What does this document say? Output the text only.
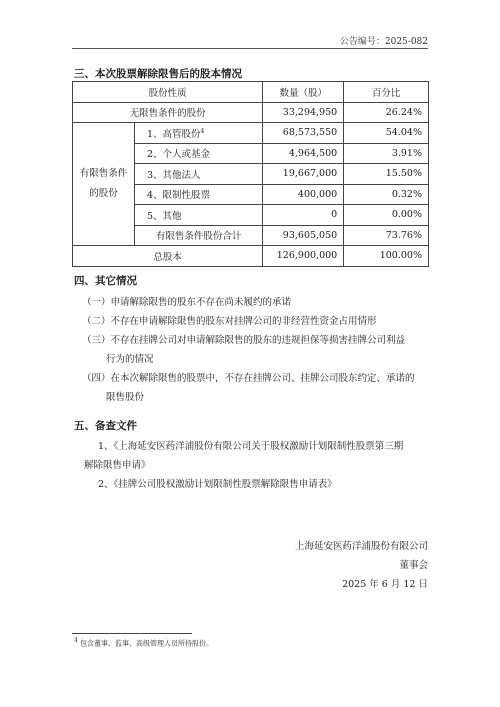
公告编号：2025-082
三、本次股票解除限售后的股本情况
股份性质		数量（股）	百分比
无限售条件的股份		33,294,950	26.24%
有限售条件的股份	1、高管股份$^4$	68,573,550	54.04%
	2、个人或基金	4,964,500	3.91%
	3、其他法人	19,667,000	15.50%
	4、限制性股票	400,000	0.32%
	5、其他	0	0.00%
	有限售条件股份合计	93,605,050	73.76%
总股本		126,900,000	100.00%
四、其它情况
（一）申请解除限售的股东不存在尚未履约的承诺
（二）不存在申请解除限售的股东对挂牌公司的非经营性资金占用情形
（三）不存在挂牌公司对申请解除限售的股东的违规担保等损害挂牌公司利益
行为的情况
（四）在本次解除限售的股票中，不存在挂牌公司、挂牌公司股东约定、承诺的
限售股份
五、备查文件
1、《上海延安医药洋浦股份有限公司关于股权激励计划限制性股票第三期
解除限售申请》
2、《挂牌公司股权激励计划限制性股票解除限售申请表》
上海延安医药洋浦股份有限公司
董事会
2025 年 6 月 12 日
$^4$ 包含董事、监事、高级管理人员所持股份。
